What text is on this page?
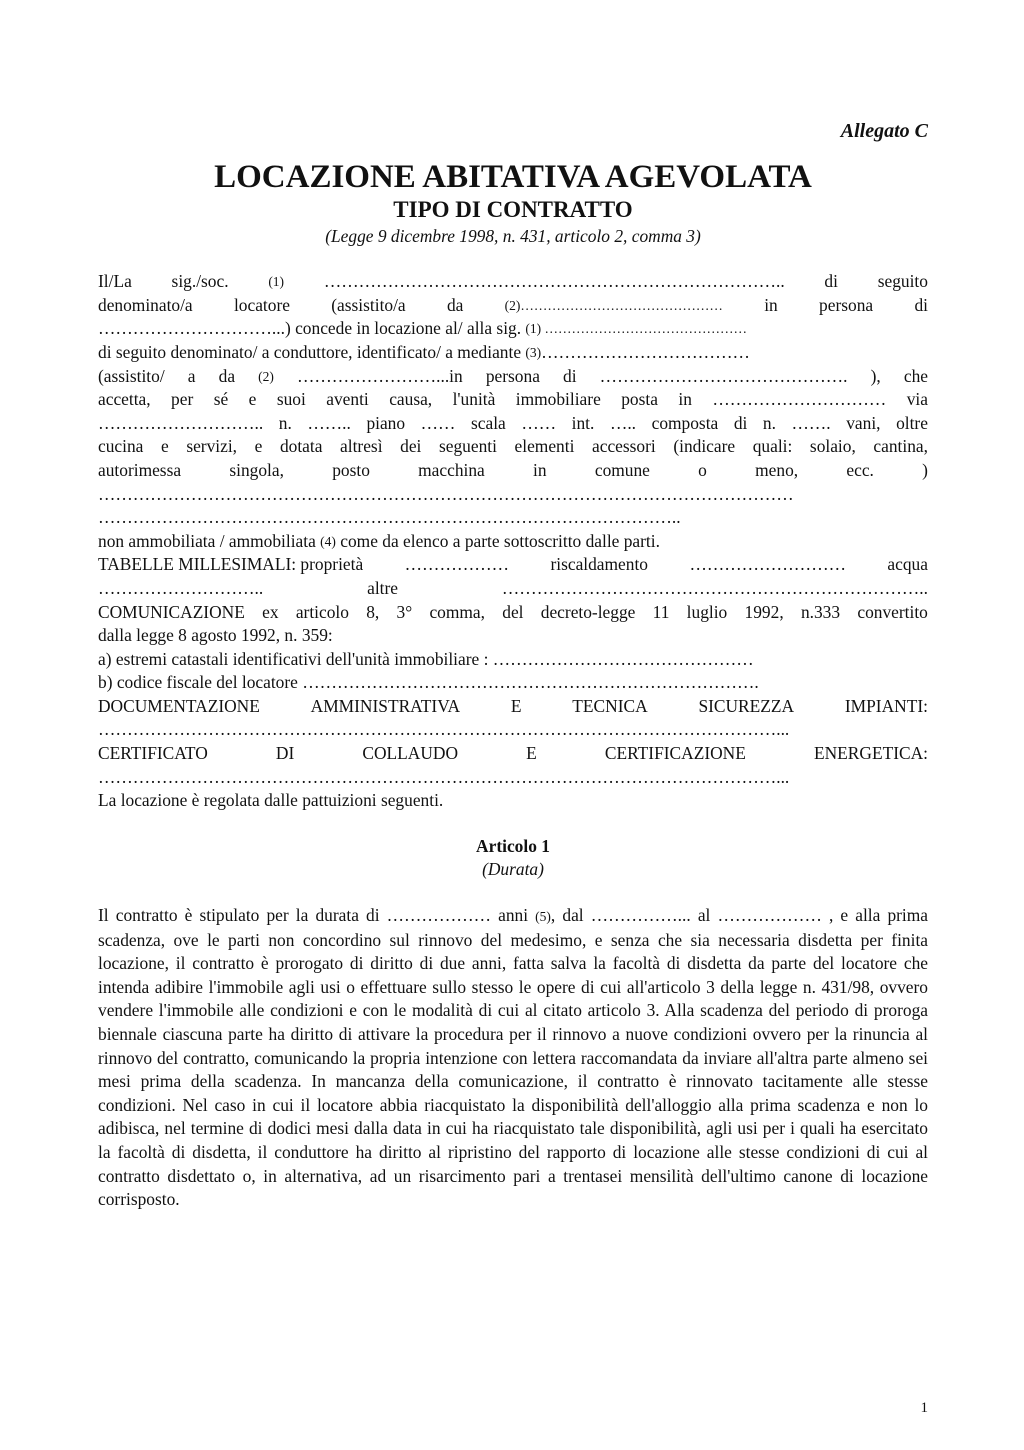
Allegato C

LOCAZIONE ABITATIVA AGEVOLATA
TIPO DI CONTRATTO

(Legge 9 dicembre 1998, n. 431, articolo 2, comma 3)

Il/La sig./soc.	(1) …………………………………………………………………….. di seguito
denominato/a locatore (assistito/a da	(2)……………………………………… in persona di
…………………………...) concede in locazione al/ alla sig. (1) ………………………………………
di seguito denominato/ a conduttore, identificato/ a mediante (3) ………………………………
(assistito/ a da (2) ……………………...in persona di ……………………………………. ), che
accetta, per sé e suoi aventi causa, l'unità immobiliare posta in ………………………… via
……………………….. n. …….. piano …… scala …… int. ….. composta di n. ……. vani, oltre
cucina e servizi, e dotata altresì dei seguenti elementi accessori (indicare quali: solaio, cantina,
autorimessa	singola,	posto	macchina	in	comune	o	meno,	ecc.	)
…………………………………………………………………………………………………………
………………………………………………………………………………………..
non ammobiliata / ammobiliata (4) come da elenco a parte sottoscritto dalle parti.
TABELLE MILLESIMALI: proprietà ……………… riscaldamento ……………………… acqua
………………………..	altre	………………………………………………………………..
COMUNICAZIONE ex articolo 8, 3° comma, del decreto-legge 11 luglio 1992, n.333 convertito
dalla legge 8 agosto 1992, n. 359:
a) estremi catastali identificativi dell'unità immobiliare : ………………………………………
b) codice fiscale del locatore …………………………………………………………………….
DOCUMENTAZIONE	AMMINISTRATIVA	E	TECNICA	SICUREZZA	IMPIANTI:
………………………………………………………………………………………………………...
CERTIFICATO	DI	COLLAUDO	E	CERTIFICAZIONE	ENERGETICA:
………………………………………………………………………………………………………...
La locazione è regolata dalle pattuizioni seguenti.

Articolo 1

(Durata)

Il contratto è stipulato per la durata di ……………… anni (5), dal ……………... al ……………… , e alla prima scadenza, ove le parti non concordino sul rinnovo del medesimo, e senza che sia necessaria disdetta per finita locazione, il contratto è prorogato di diritto di due anni, fatta salva la facoltà di disdetta da parte del locatore che intenda adibire l'immobile agli usi o effettuare sullo stesso le opere di cui all'articolo 3 della legge n. 431/98, ovvero vendere l'immobile alle condizioni e con le modalità di cui al citato articolo 3. Alla scadenza del periodo di proroga biennale ciascuna parte ha diritto di attivare la procedura per il rinnovo a nuove condizioni ovvero per la rinuncia al rinnovo del contratto, comunicando la propria intenzione con lettera raccomandata da inviare all'altra parte almeno sei mesi prima della scadenza. In mancanza della comunicazione, il contratto è rinnovato tacitamente alle stesse condizioni. Nel caso in cui il locatore abbia riacquistato la disponibilità dell'alloggio alla prima scadenza e non lo adibisca, nel termine di dodici mesi dalla data in cui ha riacquistato tale disponibilità, agli usi per i quali ha esercitato la facoltà di disdetta, il conduttore ha diritto al ripristino del rapporto di locazione alle stesse condizioni di cui al contratto disdettato o, in alternativa, ad un risarcimento pari a trentasei mensilità dell'ultimo canone di locazione corrisposto.

1
